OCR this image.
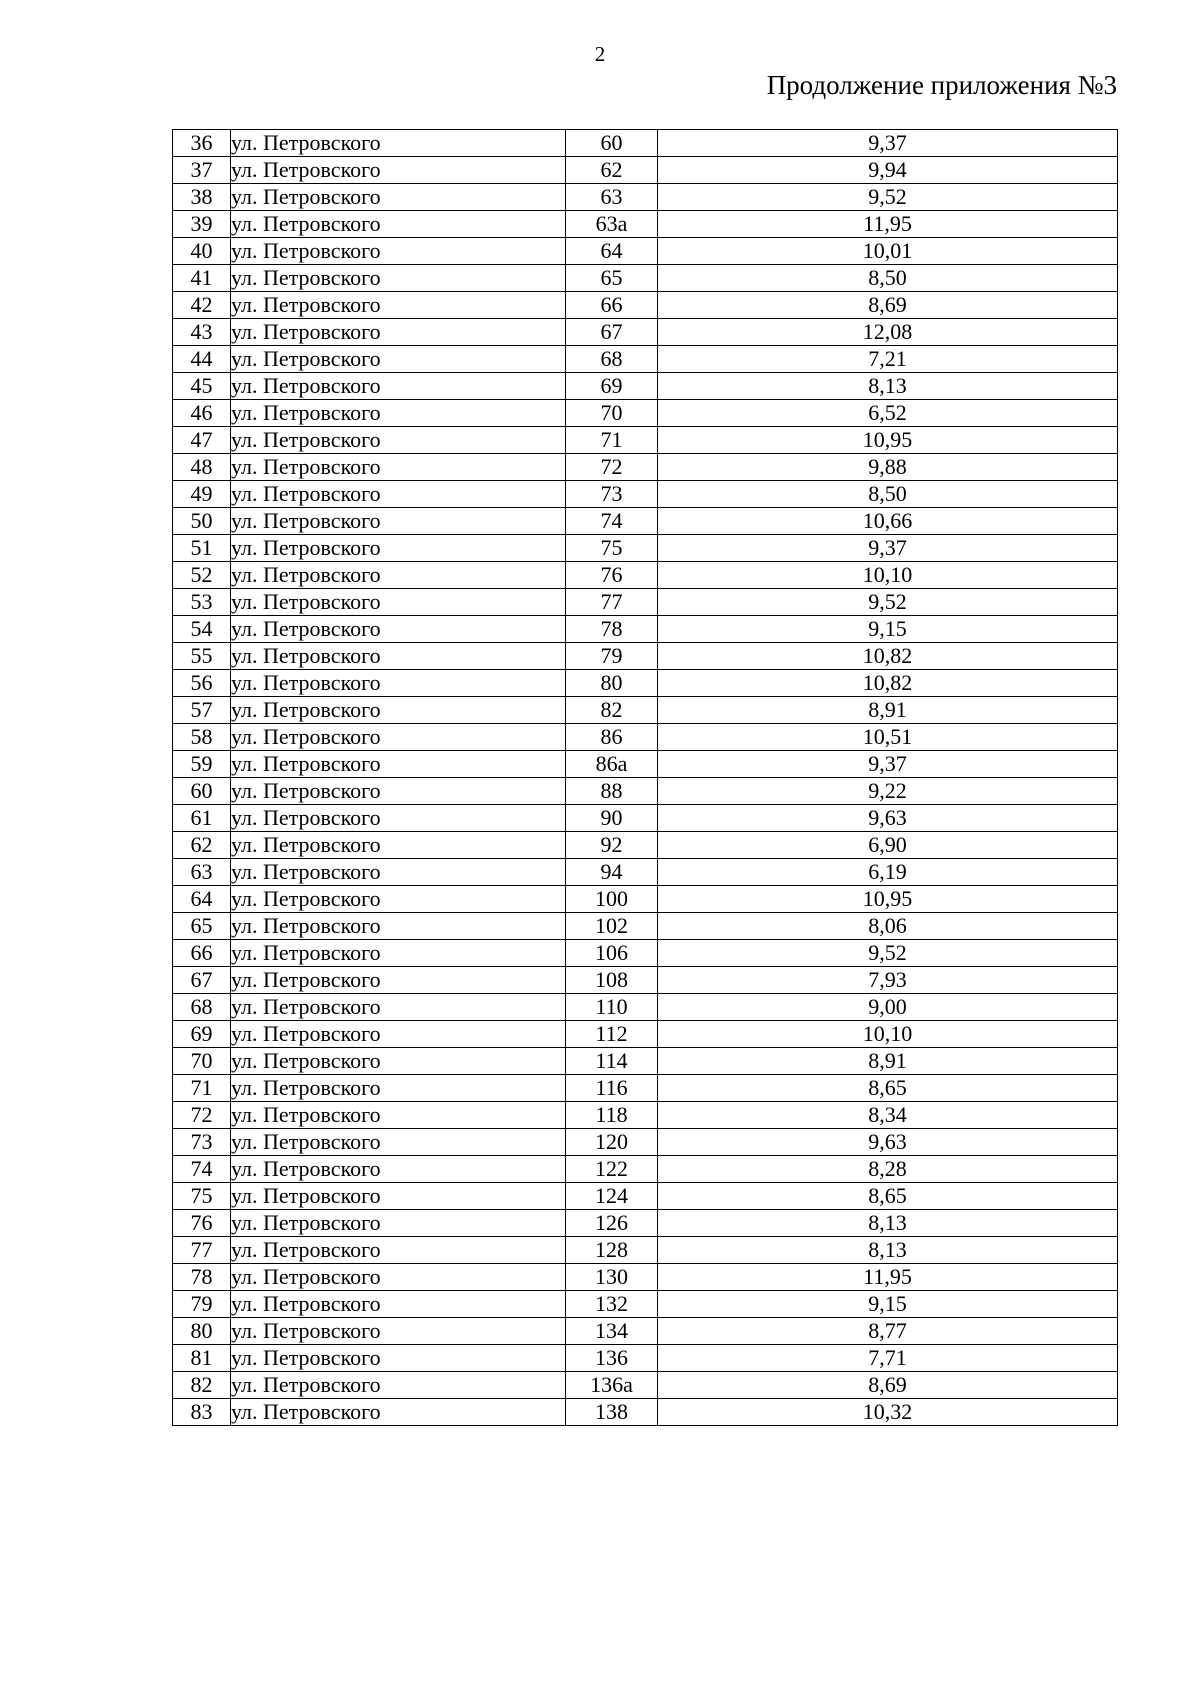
2
Продолжение приложения №3
36	ул. Петровского	60	9,37
37	ул. Петровского	62	9,94
38	ул. Петровского	63	9,52
39	ул. Петровского	63а	11,95
40	ул. Петровского	64	10,01
41	ул. Петровского	65	8,50
42	ул. Петровского	66	8,69
43	ул. Петровского	67	12,08
44	ул. Петровского	68	7,21
45	ул. Петровского	69	8,13
46	ул. Петровского	70	6,52
47	ул. Петровского	71	10,95
48	ул. Петровского	72	9,88
49	ул. Петровского	73	8,50
50	ул. Петровского	74	10,66
51	ул. Петровского	75	9,37
52	ул. Петровского	76	10,10
53	ул. Петровского	77	9,52
54	ул. Петровского	78	9,15
55	ул. Петровского	79	10,82
56	ул. Петровского	80	10,82
57	ул. Петровского	82	8,91
58	ул. Петровского	86	10,51
59	ул. Петровского	86а	9,37
60	ул. Петровского	88	9,22
61	ул. Петровского	90	9,63
62	ул. Петровского	92	6,90
63	ул. Петровского	94	6,19
64	ул. Петровского	100	10,95
65	ул. Петровского	102	8,06
66	ул. Петровского	106	9,52
67	ул. Петровского	108	7,93
68	ул. Петровского	110	9,00
69	ул. Петровского	112	10,10
70	ул. Петровского	114	8,91
71	ул. Петровского	116	8,65
72	ул. Петровского	118	8,34
73	ул. Петровского	120	9,63
74	ул. Петровского	122	8,28
75	ул. Петровского	124	8,65
76	ул. Петровского	126	8,13
77	ул. Петровского	128	8,13
78	ул. Петровского	130	11,95
79	ул. Петровского	132	9,15
80	ул. Петровского	134	8,77
81	ул. Петровского	136	7,71
82	ул. Петровского	136а	8,69
83	ул. Петровского	138	10,32
